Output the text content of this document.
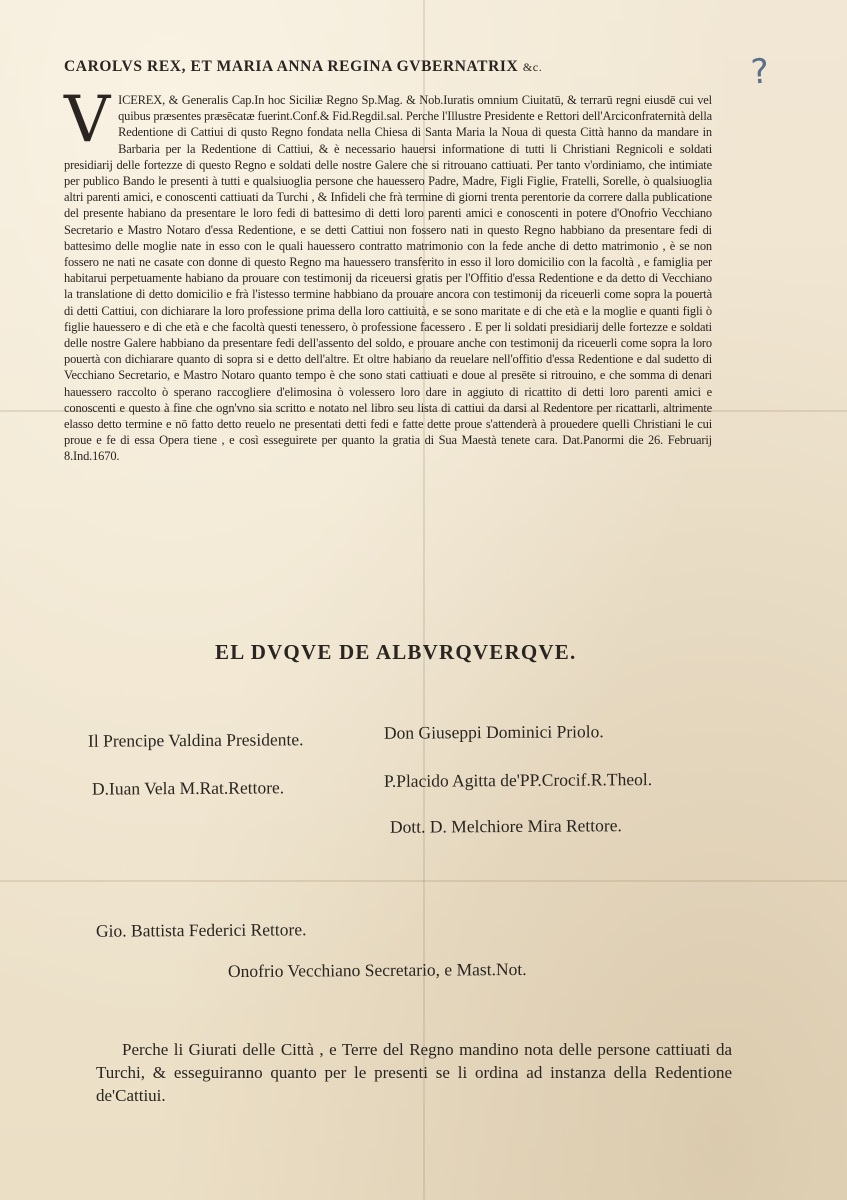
?
CAROLVS REX, ET MARIA ANNA REGINA GVBERNATRIX &c.
V ICEREX, & Generalis Cap.In hoc Siciliæ Regno Sp.Mag. & Nob.Iuratis omnium Ciuitatū, & terrarū regni eiusdē cui vel quibus præsentes præsēcatæ fuerint.Conf.& Fid.Regdil.sal. Perche l'Illustre Presidente e Rettori dell'Arciconfraternità della Redentione di Cattiui di qusto Regno fondata nella Chiesa di Santa Maria la Noua di questa Città hanno da mandare in Barbaria per la Redentione di Cattiui, & è necessario hauersi informatione di tutti li Christiani Regnicoli e soldati presidiarij delle fortezze di questo Regno e soldati delle nostre Galere che si ritrouano cattiuati. Per tanto v'ordiniamo, che intimiate per publico Bando le presenti à tutti e qualsiuoglia persone che hauessero Padre, Madre, Figli Figlie, Fratelli, Sorelle, ò qualsiuoglia altri parenti amici, e conoscenti cattiuati da Turchi , & Infideli che frà termine di giorni trenta perentorie da correre dalla publicatione del presente habiano da presentare le loro fedi di battesimo di detti loro parenti amici e conoscenti in potere d'Onofrio Vecchiano Secretario e Mastro Notaro d'essa Redentione, e se detti Cattiui non fossero nati in questo Regno habbiano da presentare fedi di battesimo delle moglie nate in esso con le quali hauessero contratto matrimonio con la fede anche di detto matrimonio , è se non fossero ne nati ne casate con donne di questo Regno ma hauessero transferito in esso il loro domicilio con la facoltà , e famiglia per habitarui perpetuamente habiano da prouare con testimonij da riceuersi gratis per l'Offitio d'essa Redentione e da detto di Vecchiano la translatione di detto domicilio e frà l'istesso termine habbiano da prouare ancora con testimonij da riceuerli come sopra la pouertà di detti Cattiui, con dichiarare la loro professione prima della loro cattiuità, e se sono maritate e di che età e la moglie e quanti figli ò figlie hauessero e di che età e che facoltà questi tenessero, ò professione facessero . E per li soldati presidiarij delle fortezze e soldati delle nostre Galere habbiano da presentare fedi dell'assento del soldo, e prouare anche con testimonij da riceuerli come sopra la loro pouertà con dichiarare quanto di sopra si e detto dell'altre. Et oltre habiano da reuelare nell'offitio d'essa Redentione e dal sudetto di Vecchiano Secretario, e Mastro Notaro quanto tempo è che sono stati cattiuati e doue al presēte si ritrouino, e che somma di denari hauessero raccolto ò sperano raccogliere d'elimosina ò volessero loro dare in aggiuto di ricattito di detti loro parenti amici e conoscenti e questo à fine che ogn'vno sia scritto e notato nel libro seu lista di cattiui da darsi al Redentore per ricattarli, altrimente elasso detto termine e nō fatto detto reuelo ne presentati detti fedi e fatte dette proue s'attenderà à prouedere quelli Christiani le cui proue e fe di essa Opera tiene , e così esseguirete per quanto la gratia di Sua Maestà tenete cara. Dat.Panormi die 26. Februarij 8.Ind.1670.
EL DVQVE DE ALBVRQVERQVE.
Il Prencipe Valdina Presidente.	Don Giuseppi Dominici Priolo.
D.Iuan Vela M.Rat.Rettore.	P.Placido Agitta de'PP.Crocif.R.Theol.
Dott. D. Melchiore Mira Rettore.
Gio. Battista Federici Rettore.
Onofrio Vecchiano Secretario, e Mast.Not.
Perche li Giurati delle Città , e Terre del Regno mandino nota delle persone cattiuati da Turchi, & esseguiranno quanto per le presenti se li ordina ad instanza della Redentione de'Cattiui.
